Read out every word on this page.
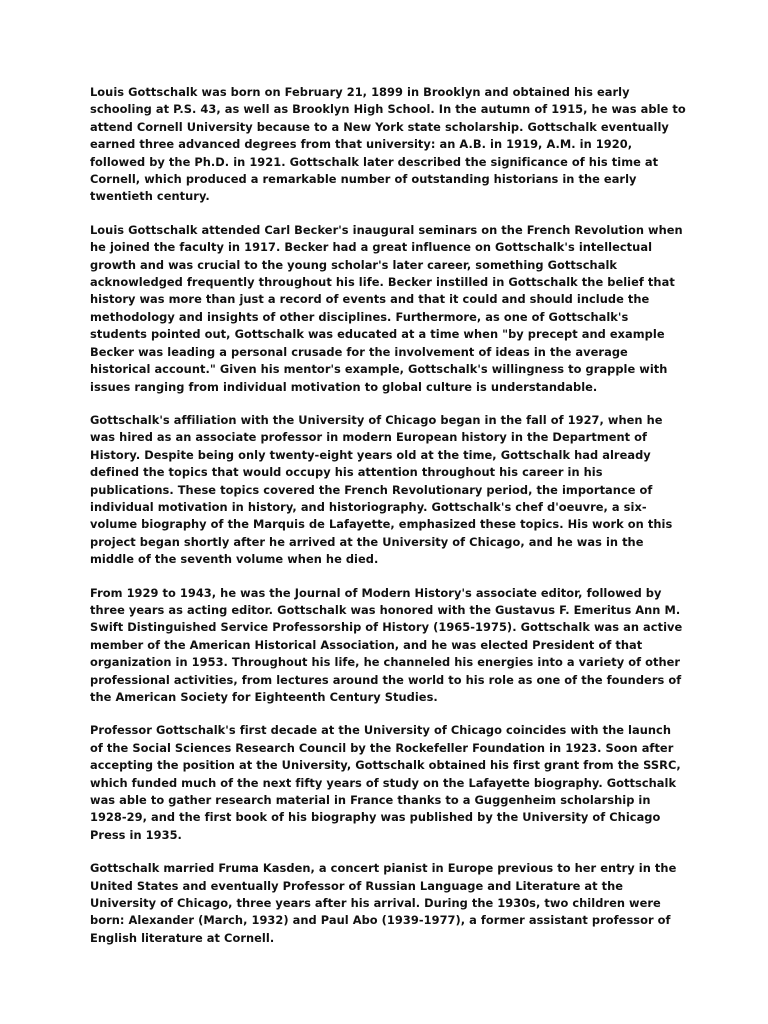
Louis Gottschalk was born on February 21, 1899 in Brooklyn and obtained his early schooling at P.S. 43, as well as Brooklyn High School. In the autumn of 1915, he was able to attend Cornell University because to a New York state scholarship. Gottschalk eventually earned three advanced degrees from that university: an A.B. in 1919, A.M. in 1920, followed by the Ph.D. in 1921. Gottschalk later described the significance of his time at Cornell, which produced a remarkable number of outstanding historians in the early twentieth century.

Louis Gottschalk attended Carl Becker's inaugural seminars on the French Revolution when he joined the faculty in 1917. Becker had a great influence on Gottschalk's intellectual growth and was crucial to the young scholar's later career, something Gottschalk acknowledged frequently throughout his life. Becker instilled in Gottschalk the belief that history was more than just a record of events and that it could and should include the methodology and insights of other disciplines. Furthermore, as one of Gottschalk's students pointed out, Gottschalk was educated at a time when "by precept and example Becker was leading a personal crusade for the involvement of ideas in the average historical account." Given his mentor's example, Gottschalk's willingness to grapple with issues ranging from individual motivation to global culture is understandable.

Gottschalk's affiliation with the University of Chicago began in the fall of 1927, when he was hired as an associate professor in modern European history in the Department of History. Despite being only twenty-eight years old at the time, Gottschalk had already defined the topics that would occupy his attention throughout his career in his publications. These topics covered the French Revolutionary period, the importance of individual motivation in history, and historiography. Gottschalk's chef d'oeuvre, a six-volume biography of the Marquis de Lafayette, emphasized these topics. His work on this project began shortly after he arrived at the University of Chicago, and he was in the middle of the seventh volume when he died.

From 1929 to 1943, he was the Journal of Modern History's associate editor, followed by three years as acting editor. Gottschalk was honored with the Gustavus F. Emeritus Ann M. Swift Distinguished Service Professorship of History (1965-1975). Gottschalk was an active member of the American Historical Association, and he was elected President of that organization in 1953. Throughout his life, he channeled his energies into a variety of other professional activities, from lectures around the world to his role as one of the founders of the American Society for Eighteenth Century Studies.

Professor Gottschalk's first decade at the University of Chicago coincides with the launch of the Social Sciences Research Council by the Rockefeller Foundation in 1923. Soon after accepting the position at the University, Gottschalk obtained his first grant from the SSRC, which funded much of the next fifty years of study on the Lafayette biography. Gottschalk was able to gather research material in France thanks to a Guggenheim scholarship in 1928-29, and the first book of his biography was published by the University of Chicago Press in 1935.

Gottschalk married Fruma Kasden, a concert pianist in Europe previous to her entry in the United States and eventually Professor of Russian Language and Literature at the University of Chicago, three years after his arrival. During the 1930s, two children were born: Alexander (March, 1932) and Paul Abo (1939-1977), a former assistant professor of English literature at Cornell.
